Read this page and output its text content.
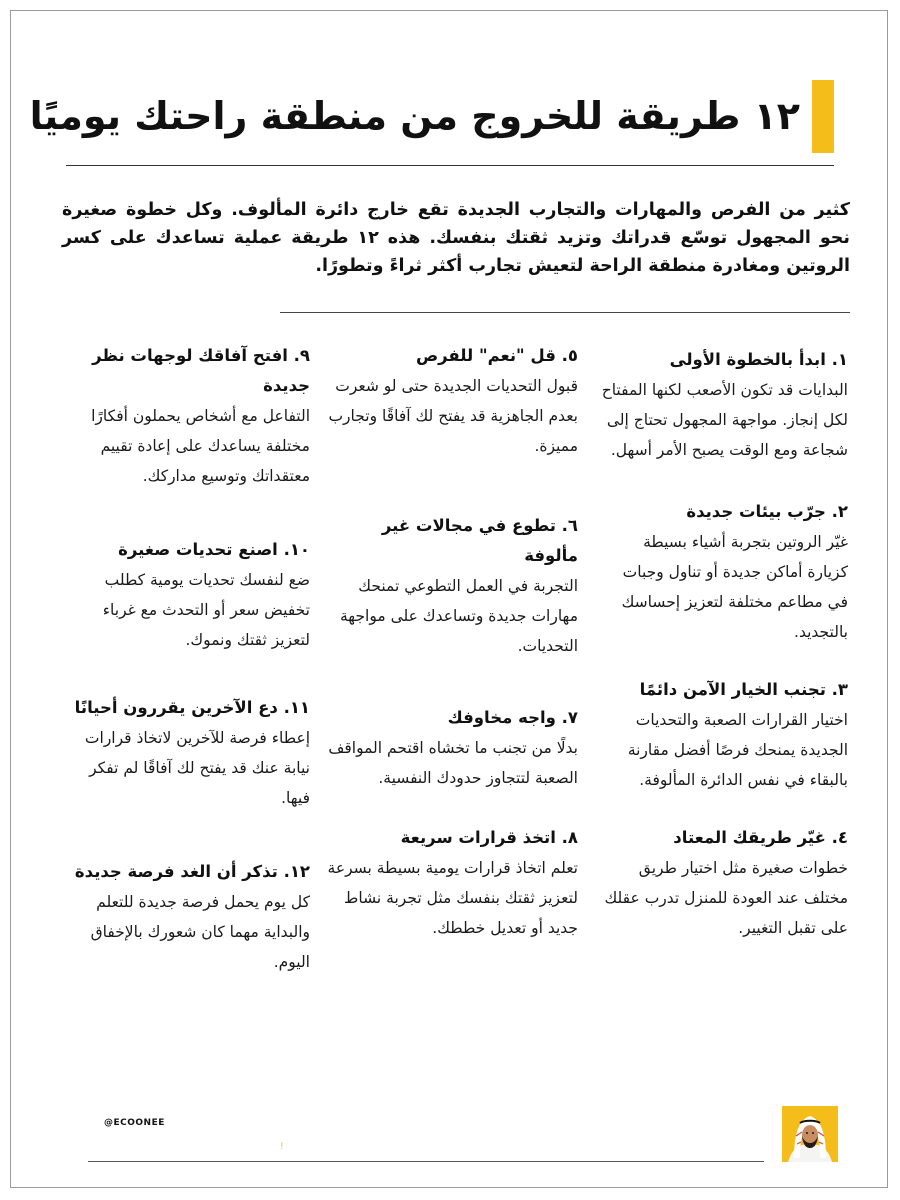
١٢ طريقة للخروج من منطقة راحتك يوميًا

كثير من الفرص والمهارات والتجارب الجديدة تقع خارج دائرة المألوف. وكل خطوة صغيرة نحو المجهول توسّع قدراتك وتزيد ثقتك بنفسك. هذه ١٢ طريقة عملية تساعدك على كسر الروتين ومغادرة منطقة الراحة لتعيش تجارب أكثر ثراءً وتطورًا.

١. ابدأ بالخطوة الأولى

البدايات قد تكون الأصعب لكنها المفتاح لكل إنجاز. مواجهة المجهول تحتاج إلى شجاعة ومع الوقت يصبح الأمر أسهل.

٢. جرّب بيئات جديدة

غيّر الروتين بتجربة أشياء بسيطة كزيارة أماكن جديدة أو تناول وجبات في مطاعم مختلفة لتعزيز إحساسك بالتجديد.

٣. تجنب الخيار الآمن دائمًا

اختيار القرارات الصعبة والتحديات الجديدة يمنحك فرصًا أفضل مقارنة بالبقاء في نفس الدائرة المألوفة.

٤. غيّر طريقك المعتاد

خطوات صغيرة مثل اختيار طريق مختلف عند العودة للمنزل تدرب عقلك على تقبل التغيير.

٥. قل "نعم" للفرص

قبول التحديات الجديدة حتى لو شعرت بعدم الجاهزية قد يفتح لك آفاقًا وتجارب مميزة.

٦. تطوع في مجالات غير مألوفة

التجربة في العمل التطوعي تمنحك مهارات جديدة وتساعدك على مواجهة التحديات.

٧. واجه مخاوفك

بدلًا من تجنب ما تخشاه اقتحم المواقف الصعبة لتتجاوز حدودك النفسية.

٨. اتخذ قرارات سريعة

تعلم اتخاذ قرارات يومية بسيطة بسرعة لتعزيز ثقتك بنفسك مثل تجربة نشاط جديد أو تعديل خططك.

٩. افتح آفاقك لوجهات نظر جديدة

التفاعل مع أشخاص يحملون أفكارًا مختلفة يساعدك على إعادة تقييم معتقداتك وتوسيع مداركك.

١٠. اصنع تحديات صغيرة

ضع لنفسك تحديات يومية كطلب تخفيض سعر أو التحدث مع غرباء لتعزيز ثقتك ونموك.

١١. دع الآخرين يقررون أحيانًا

إعطاء فرصة للآخرين لاتخاذ قرارات نيابة عنك قد يفتح لك آفاقًا لم تفكر فيها.

١٢. تذكر أن الغد فرصة جديدة

كل يوم يحمل فرصة جديدة للتعلم والبداية مهما كان شعورك بالإخفاق اليوم.

@ECOONEE
!
